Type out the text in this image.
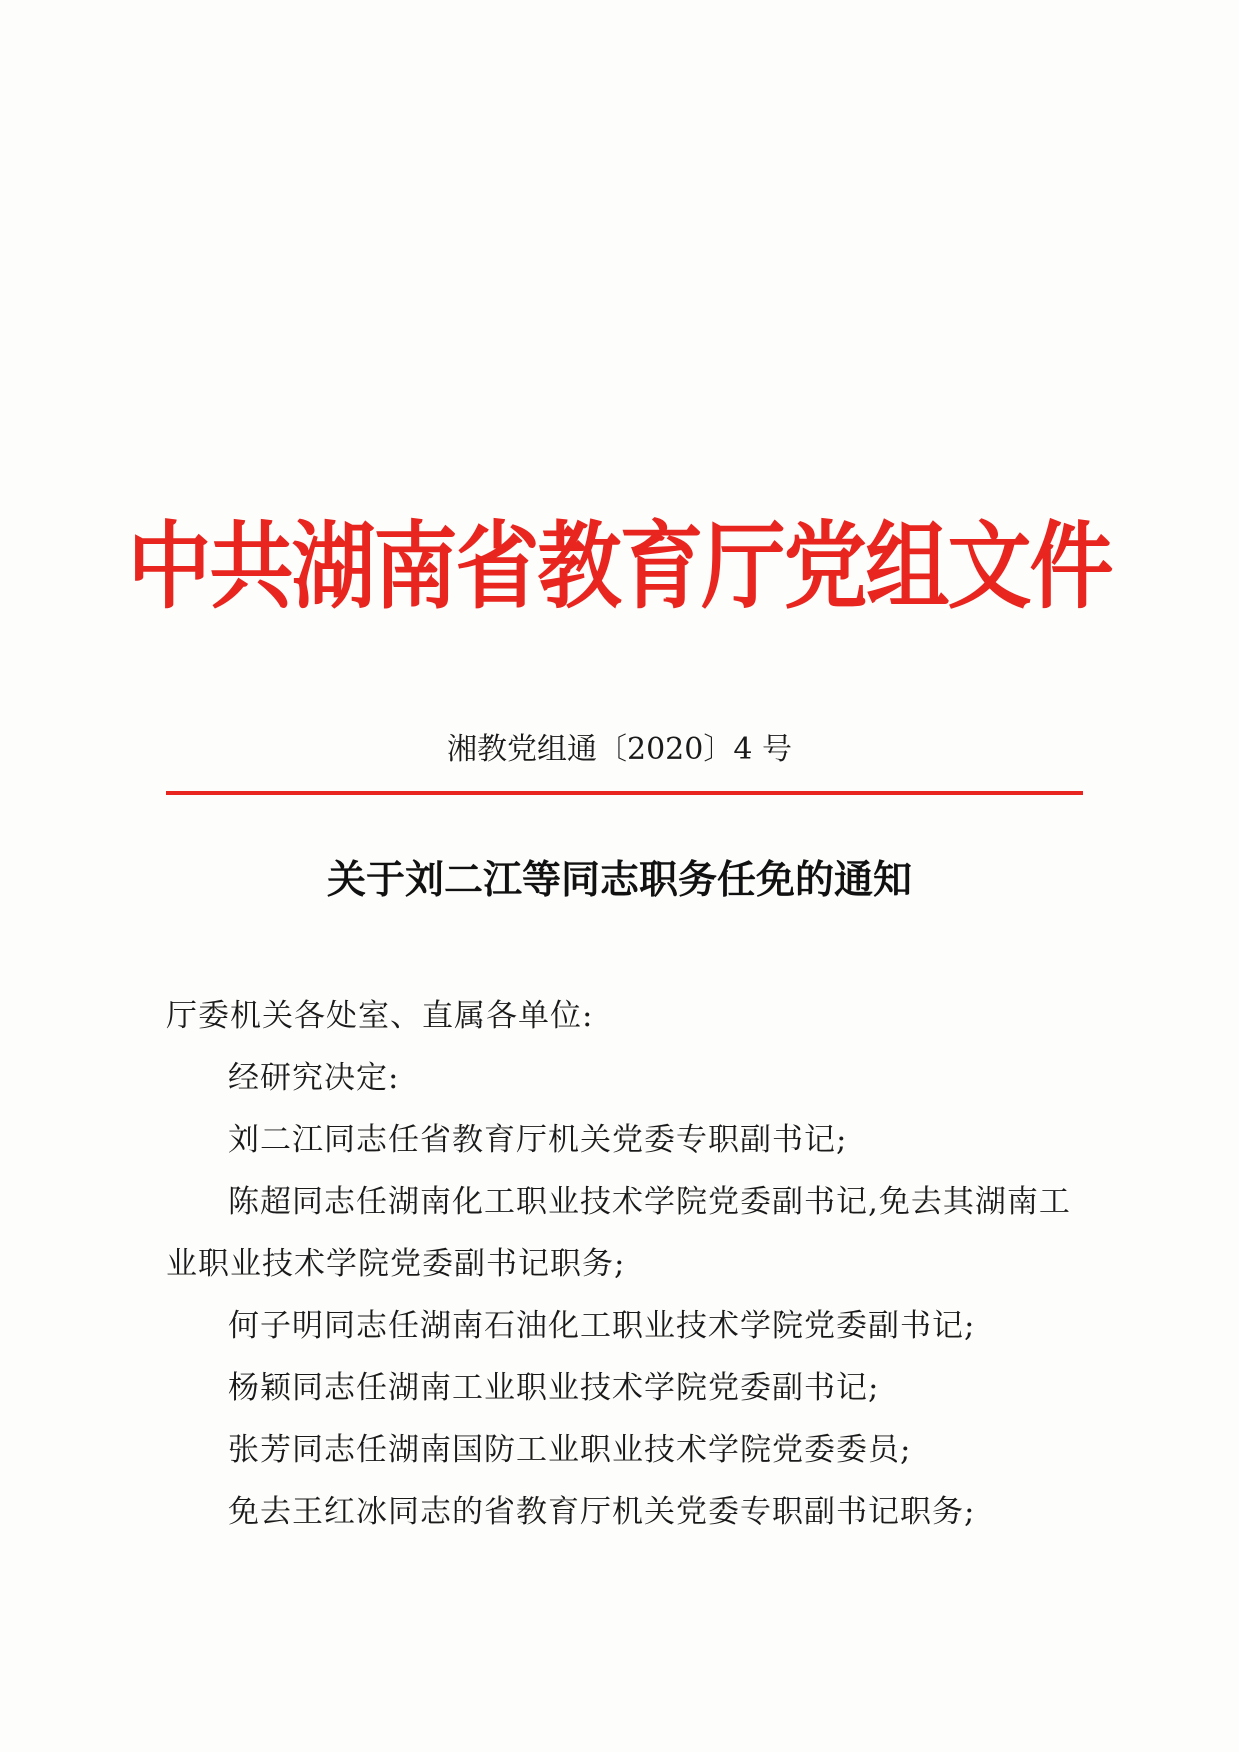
中共湖南省教育厅党组文件
湘教党组通〔2020〕4 号
关于刘二江等同志职务任免的通知

厅委机关各处室、直属各单位:

经研究决定:

刘二江同志任省教育厅机关党委专职副书记;

陈超同志任湖南化工职业技术学院党委副书记,免去其湖南工业职业技术学院党委副书记职务;

何子明同志任湖南石油化工职业技术学院党委副书记;

杨颖同志任湖南工业职业技术学院党委副书记;

张芳同志任湖南国防工业职业技术学院党委委员;

免去王红冰同志的省教育厅机关党委专职副书记职务;
